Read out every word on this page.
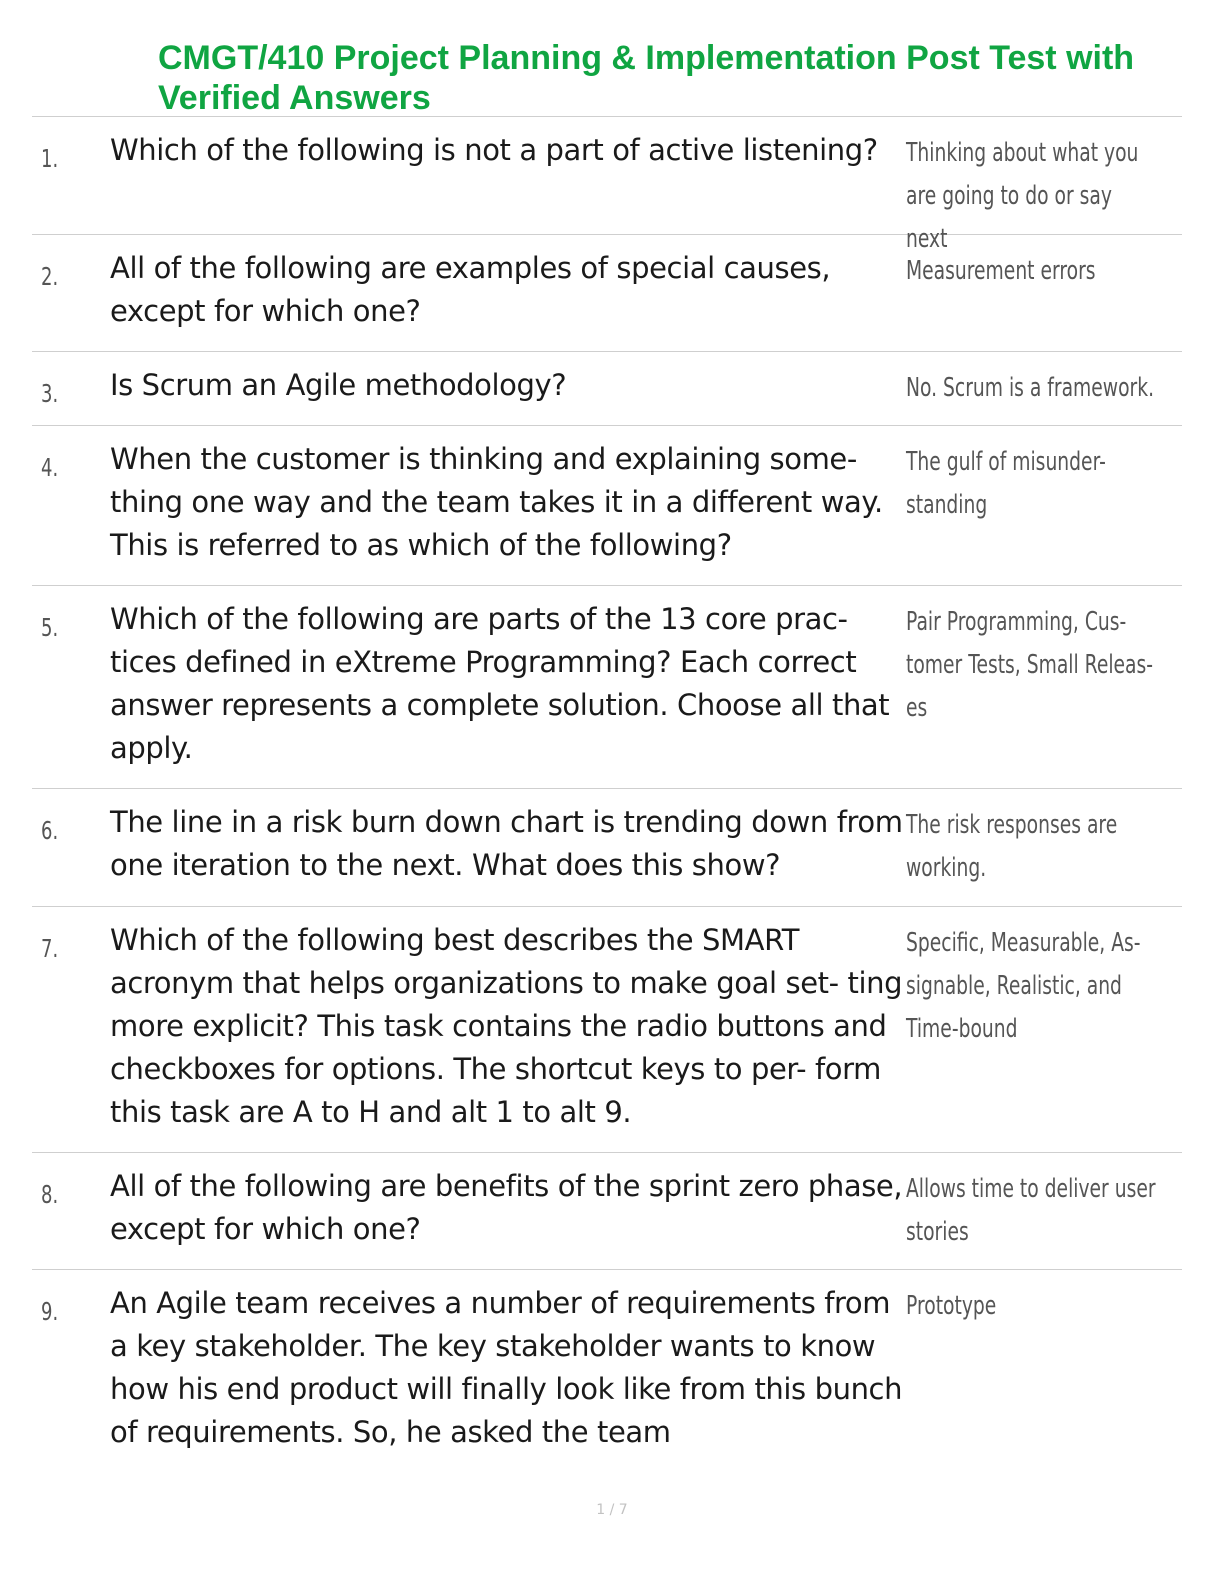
CMGT/410 Project Planning & Implementation Post Test with Verified Answers
1. Which of the following is not a part of active listening?	Thinking about what you are going to do or say next

2. All of the following are examples of special causes, except for which one?

Measurement errors

3. Is Scrum an Agile methodology?	No. Scrum is a framework.

4. When the customer is thinking and explaining some- thing one way and the team takes it in a different way. This is referred to as which of the following?

The gulf of misunder- standing

5. Which of the following are parts of the 13 core prac- tices defined in eXtreme Programming? Each correct answer represents a complete solution. Choose all that apply.

Pair Programming, Cus- tomer Tests, Small Releas- es

6. The line in a risk burn down chart is trending down from one iteration to the next. What does this show?

The risk responses are working.

7. Which of the following best describes the SMART acronym that helps organizations to make goal set- ting more explicit? This task contains the radio buttons and checkboxes for options. The shortcut keys to per- form this task are A to H and alt 1 to alt 9.

Specific, Measurable, As- signable, Realistic, and Time-bound

8. All of the following are benefits of the sprint zero phase, except for which one?

Allows time to deliver user stories

9. An Agile team receives a number of requirements from a key stakeholder. The key stakeholder wants to know how his end product will finally look like from this bunch of requirements. So, he asked the team

Prototype

1 / 7
